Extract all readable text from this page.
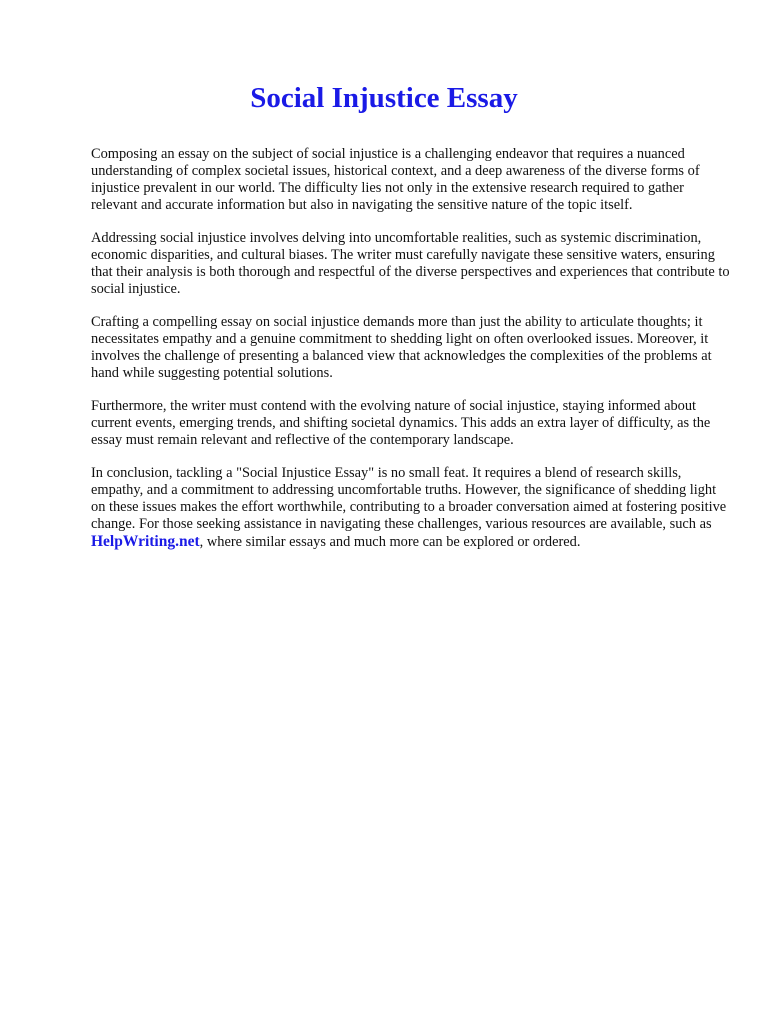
Social Injustice Essay

Composing an essay on the subject of social injustice is a challenging endeavor that requires a nuanced understanding of complex societal issues, historical context, and a deep awareness of the diverse forms of injustice prevalent in our world. The difficulty lies not only in the extensive research required to gather relevant and accurate information but also in navigating the sensitive nature of the topic itself.

Addressing social injustice involves delving into uncomfortable realities, such as systemic discrimination, economic disparities, and cultural biases. The writer must carefully navigate these sensitive waters, ensuring that their analysis is both thorough and respectful of the diverse perspectives and experiences that contribute to social injustice.

Crafting a compelling essay on social injustice demands more than just the ability to articulate thoughts; it necessitates empathy and a genuine commitment to shedding light on often overlooked issues. Moreover, it involves the challenge of presenting a balanced view that acknowledges the complexities of the problems at hand while suggesting potential solutions.

Furthermore, the writer must contend with the evolving nature of social injustice, staying informed about current events, emerging trends, and shifting societal dynamics. This adds an extra layer of difficulty, as the essay must remain relevant and reflective of the contemporary landscape.

In conclusion, tackling a "Social Injustice Essay" is no small feat. It requires a blend of research skills, empathy, and a commitment to addressing uncomfortable truths. However, the significance of shedding light on these issues makes the effort worthwhile, contributing to a broader conversation aimed at fostering positive change. For those seeking assistance in navigating these challenges, various resources are available, such as HelpWriting.net, where similar essays and much more can be explored or ordered.
